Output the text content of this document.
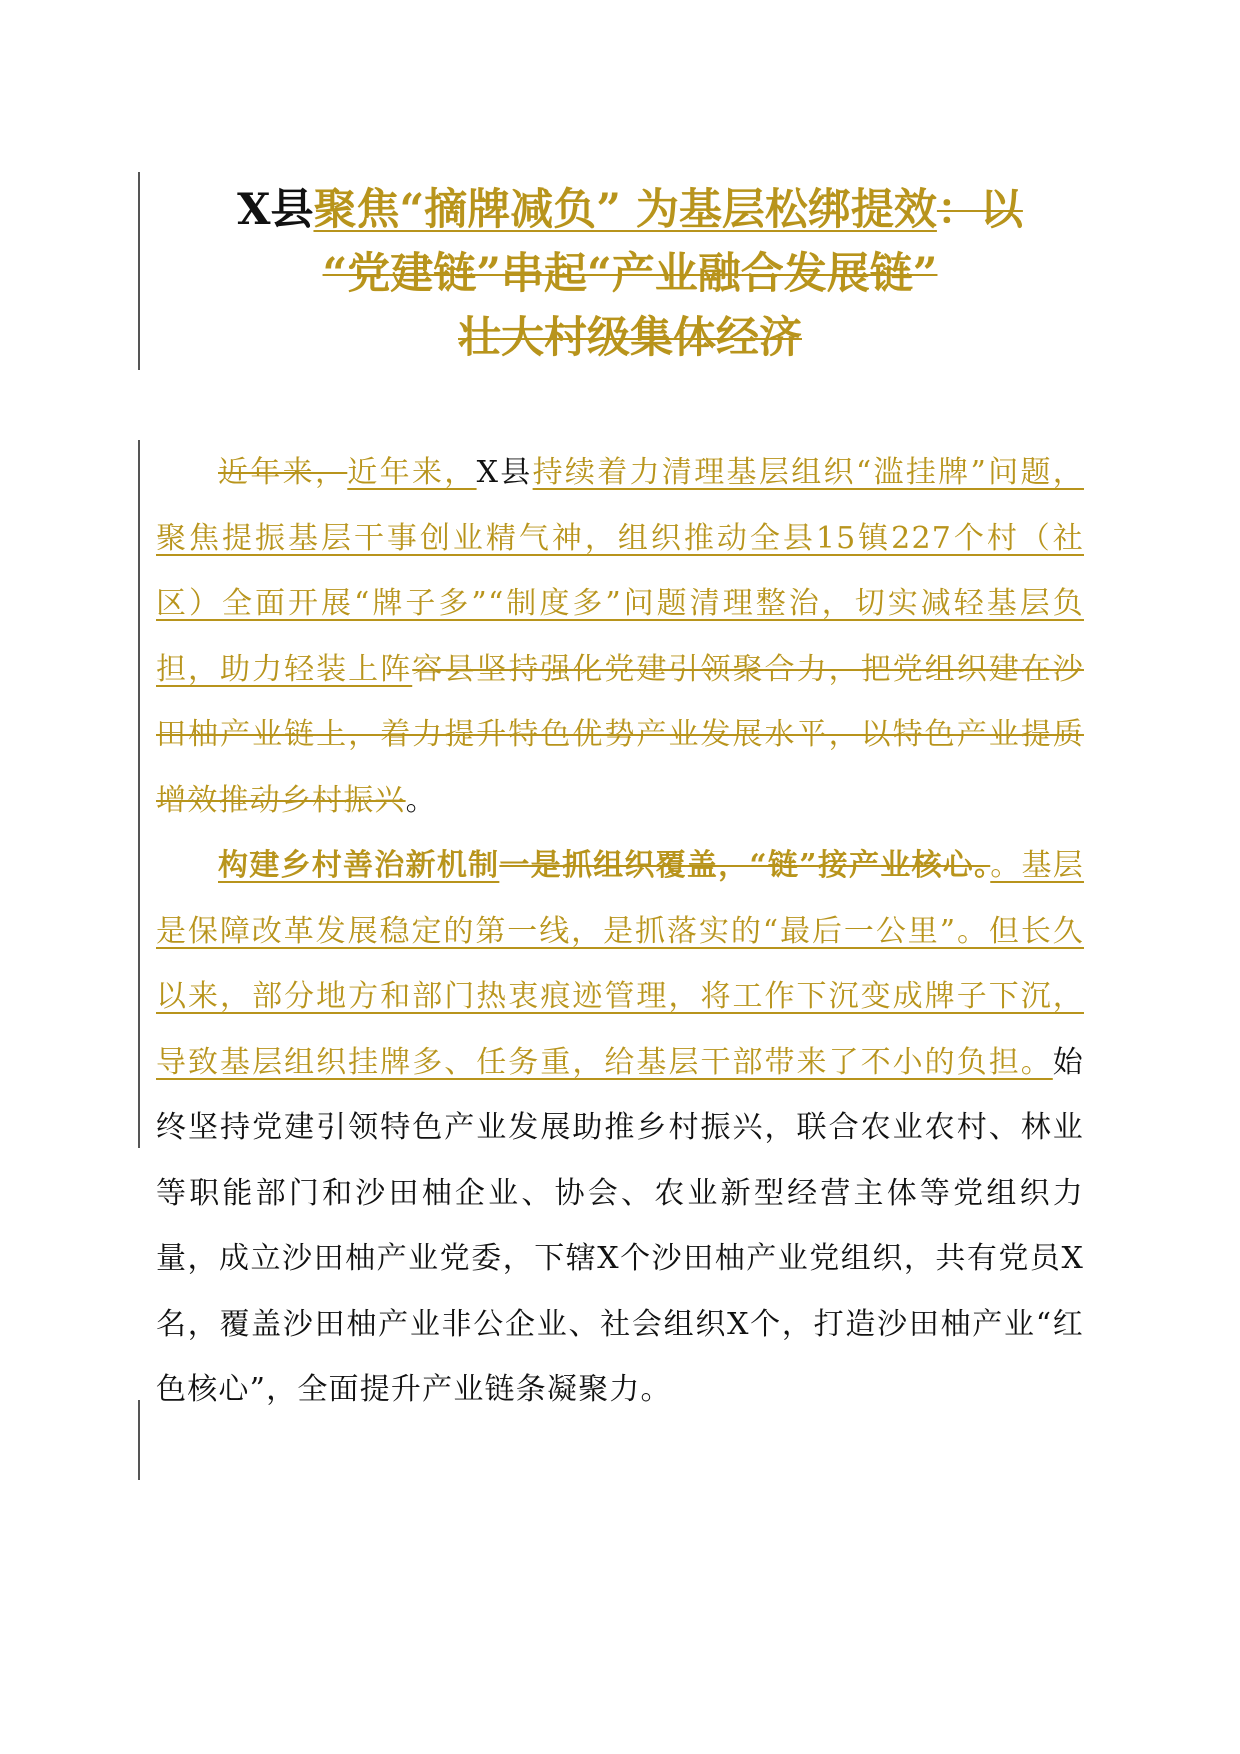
X县聚焦“摘牌减负” 为基层松绑提效：以
“党建链”串起“产业融合发展链”
壮大村级集体经济

近年来，近年来，X县持续着力清理基层组织“滥挂牌”问题，聚焦提振基层干事创业精气神，组织推动全县15镇227个村（社区）全面开展“牌子多”“制度多”问题清理整治，切实减轻基层负担，助力轻装上阵容县坚持强化党建引领聚合力，把党组织建在沙田柚产业链上，着力提升特色优势产业发展水平，以特色产业提质增效推动乡村振兴。

构建乡村善治新机制一是抓组织覆盖，“链”接产业核心。。基层是保障改革发展稳定的第一线，是抓落实的“最后一公里”。但长久以来，部分地方和部门热衷痕迹管理，将工作下沉变成牌子下沉，导致基层组织挂牌多、任务重，给基层干部带来了不小的负担。始终坚持党建引领特色产业发展助推乡村振兴，联合农业农村、林业等职能部门和沙田柚企业、协会、农业新型经营主体等党组织力量，成立沙田柚产业党委，下辖X个沙田柚产业党组织，共有党员X名，覆盖沙田柚产业非公企业、社会组织X个，打造沙田柚产业“红色核心”，全面提升产业链条凝聚力。
